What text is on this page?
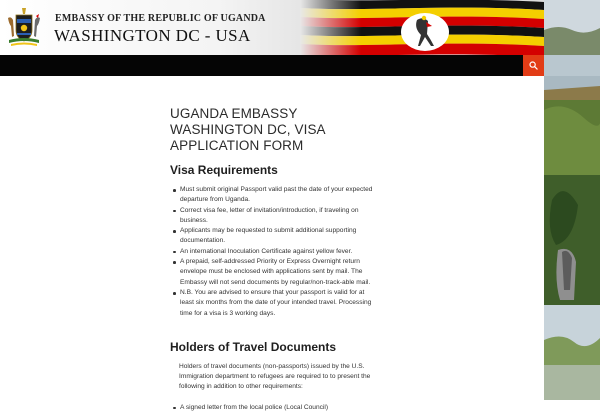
EMBASSY OF THE REPUBLIC OF UGANDA
WASHINGTON DC - USA
UGANDA EMBASSY WASHINGTON DC, VISA APPLICATION FORM
Visa Requirements
Must submit original Passport valid past the date of your expected departure from Uganda.
Correct visa fee, letter of invitation/introduction, if traveling on business.
Applicants may be requested to submit additional supporting documentation.
An international Inoculation Certificate against yellow fever.
A prepaid, self-addressed Priority or Express Overnight return envelope must be enclosed with applications sent by mail. The Embassy will not send documents by regular/non-track-able mail.
N.B. You are advised to ensure that your passport is valid for at least six months from the date of your intended travel. Processing time for a visa is 3 working days.
Holders of Travel Documents

Holders of travel documents (non-passports) issued by the U.S. Immigration department to refugees are required to to present the following in addition to other requirements:

A signed letter from the local police (Local Council)
